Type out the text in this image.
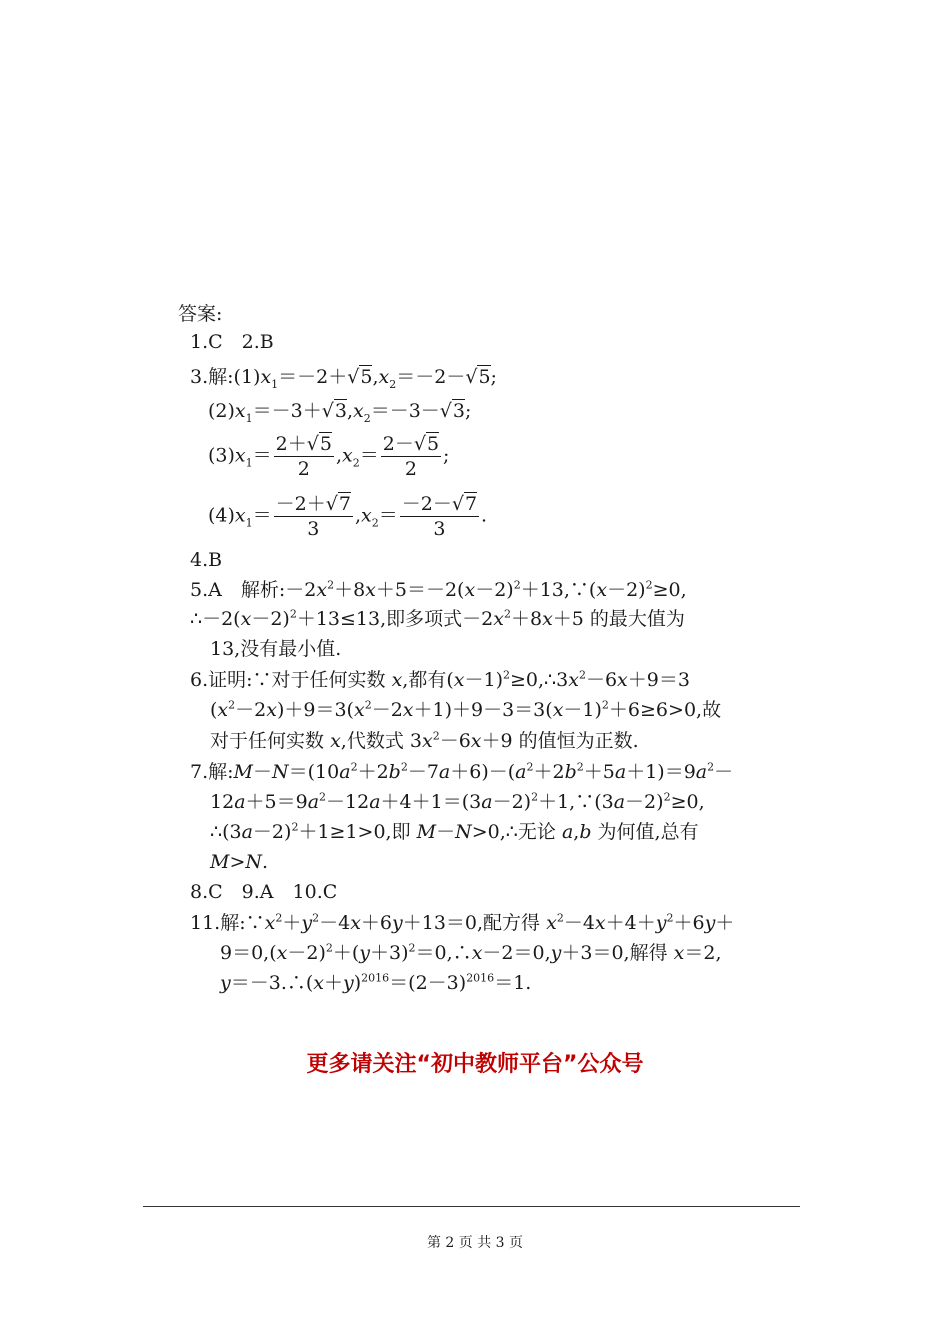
答案:
1.C　2.B
3.解$:(1)x_1=-2+√5,x_2=-2-√5$;
$(2)x_1=-3+√3,x_2=-3-√3$;
$(3)x_1= \frac{2+√5}{2} ,x_2= \frac{2-√5}{2}$ ;
$(4)x_1= \frac{-2+√7}{3} ,x_2= \frac{-2-√7}{3}$ .
4.B
5.A　解析$:-2x^2+8x+5=-2(x-2)^2+13,\because(x-2)^2\ge 0$,
$\therefore-2(x-2)^2+13\le 13$,即多项式$-2x^2+8x+5$ 的最大值为
13,没有最小值.
6.证明:∵对于任何实数 x,都有$(x-1)^2\ge 0,\therefore 3x^2-6x+9=3$
$(x^2-2x)+9=3(x^2-2x+1)+9-3=3(x-1)^2+6\ge 6>0$,故
对于任何实数 x,代数式 $3x^2-6x+9$ 的值恒为正数.
7.解$:M-N=(10a^2+2b^2-7a+6)-(a^2+2b^2+5a+1)=9a^2-$
$12a+5=9a^2-12a+4+1=(3a-2)^2+1,\because(3a-2)^2\ge 0$,
$\therefore(3a-2)^2+1\ge 1>0$,即 M－N>0,∴无论 a,b 为何值,总有
M>N.
8.C　9.A　10.C
11.解$:\because x^2+y^2-4x+6y+13=0$,配方得 $x^2-4x+4+y^2+6y+$
$9=0,(x-2)^2+(y+3)^2=0,\therefore x-2=0,y+3=0$,解得 x＝2,
$y=-3.\therefore(x+y)^{2016}=(2-3)^{2016}=1$.
更多请关注“初中教师平台”公众号
第 2 页 共 3 页
